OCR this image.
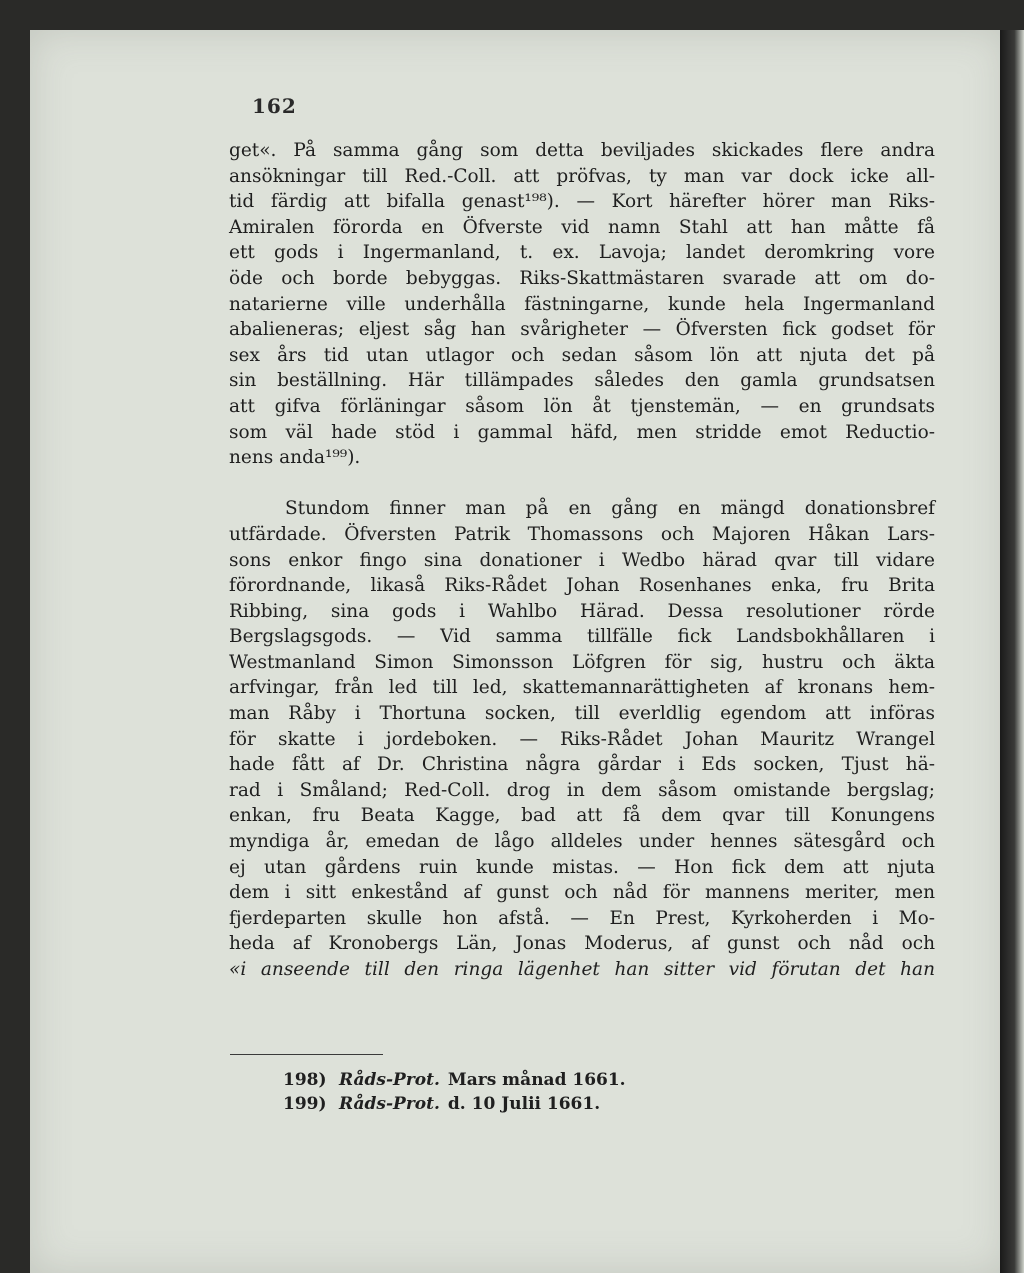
162
get«. På samma gång som detta beviljades skickades flere andra
ansökningar till Red.-Coll. att pröfvas, ty man var dock icke all-
tid färdig att bifalla genast¹⁹⁸). — Kort härefter hörer man Riks-
Amiralen förorda en Öfverste vid namn Stahl att han måtte få
ett gods i Ingermanland, t. ex. Lavoja; landet deromkring vore
öde och borde bebyggas. Riks-Skattmästaren svarade att om do-
natarierne ville underhålla fästningarne, kunde hela Ingermanland
abalieneras; eljest såg han svårigheter — Öfversten fick godset för
sex års tid utan utlagor och sedan såsom lön att njuta det på
sin beställning. Här tillämpades således den gamla grundsatsen
att gifva förläningar såsom lön åt tjenstemän, — en grundsats
som väl hade stöd i gammal häfd, men stridde emot Reductio-
nens anda¹⁹⁹).
Stundom finner man på en gång en mängd donationsbref
utfärdade. Öfversten Patrik Thomassons och Majoren Håkan Lars-
sons enkor fingo sina donationer i Wedbo härad qvar till vidare
förordnande, likaså Riks-Rådet Johan Rosenhanes enka, fru Brita
Ribbing, sina gods i Wahlbo Härad. Dessa resolutioner rörde
Bergslagsgods. — Vid samma tillfälle fick Landsbokhållaren i
Westmanland Simon Simonsson Löfgren för sig, hustru och äkta
arfvingar, från led till led, skattemannarättigheten af kronans hem-
man Råby i Thortuna socken, till everldlig egendom att införas
för skatte i jordeboken. — Riks-Rådet Johan Mauritz Wrangel
hade fått af Dr. Christina några gårdar i Eds socken, Tjust hä-
rad i Småland; Red-Coll. drog in dem såsom omistande bergslag;
enkan, fru Beata Kagge, bad att få dem qvar till Konungens
myndiga år, emedan de lågo alldeles under hennes sätesgård och
ej utan gårdens ruin kunde mistas. — Hon fick dem att njuta
dem i sitt enkestånd af gunst och nåd för mannens meriter, men
fjerdeparten skulle hon afstå. — En Prest, Kyrkoherden i Mo-
heda af Kronobergs Län, Jonas Moderus, af gunst och nåd och
«i anseende till den ringa lägenhet han sitter vid förutan det han
198) Råds-Prot. Mars månad 1661.
199) Råds-Prot. d. 10 Julii 1661.
